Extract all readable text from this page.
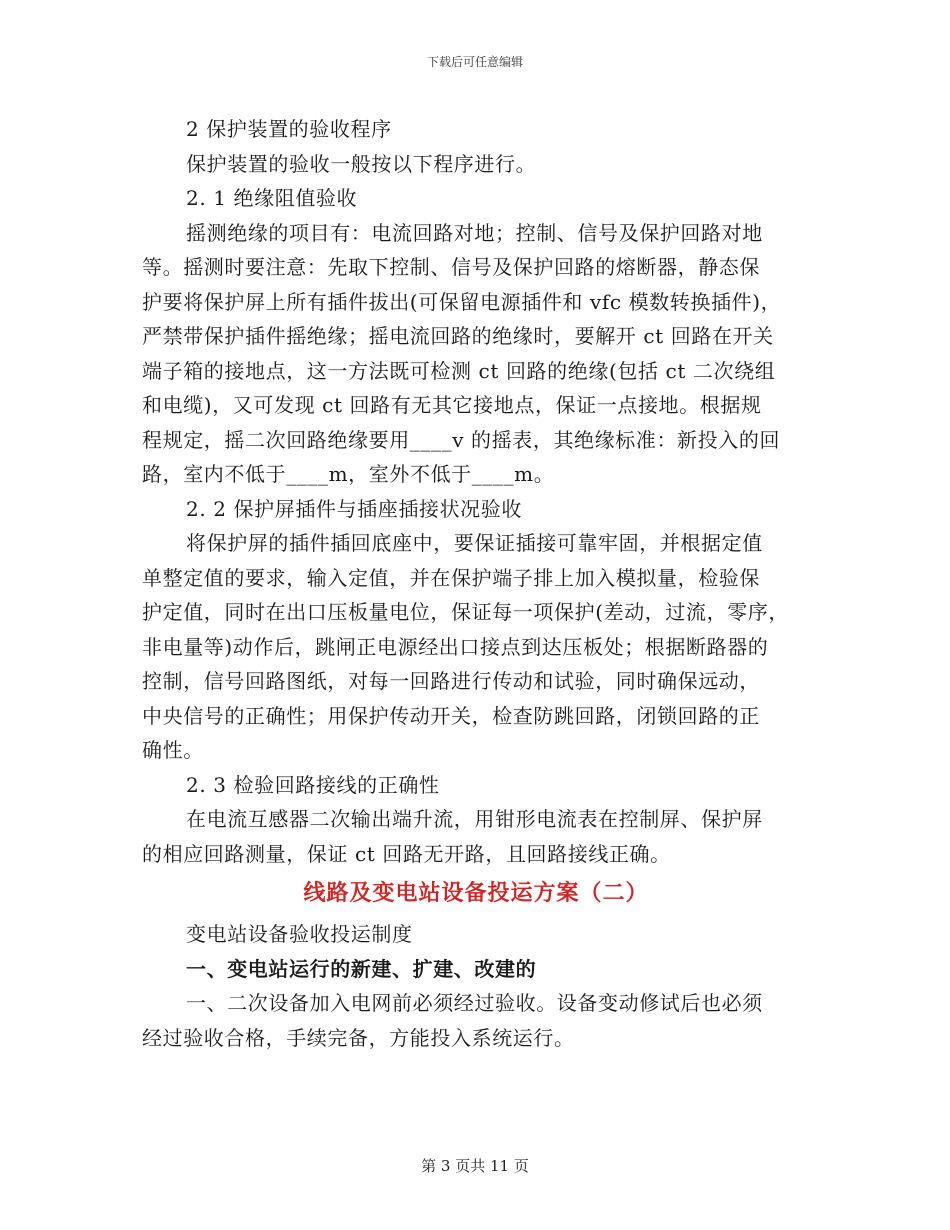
下载后可任意编辑
2 保护装置的验收程序
保护装置的验收一般按以下程序进行。
2. 1 绝缘阻值验收
摇测绝缘的项目有：电流回路对地；控制、信号及保护回路对地
等。摇测时要注意：先取下控制、信号及保护回路的熔断器，静态保
护要将保护屏上所有插件拔出(可保留电源插件和 vfc 模数转换插件)，
严禁带保护插件摇绝缘；摇电流回路的绝缘时，要解开 ct 回路在开关
端子箱的接地点，这一方法既可检测 ct 回路的绝缘(包括 ct 二次绕组
和电缆)，又可发现 ct 回路有无其它接地点，保证一点接地。根据规
程规定，摇二次回路绝缘要用____v 的摇表，其绝缘标准：新投入的回
路，室内不低于____m，室外不低于____m。
2. 2 保护屏插件与插座插接状况验收
将保护屏的插件插回底座中，要保证插接可靠牢固，并根据定值
单整定值的要求，输入定值，并在保护端子排上加入模拟量，检验保
护定值，同时在出口压板量电位，保证每一项保护(差动，过流，零序，
非电量等)动作后，跳闸正电源经出口接点到达压板处；根据断路器的
控制，信号回路图纸，对每一回路进行传动和试验，同时确保远动，
中央信号的正确性；用保护传动开关，检查防跳回路，闭锁回路的正
确性。
2. 3 检验回路接线的正确性
在电流互感器二次输出端升流，用钳形电流表在控制屏、保护屏
的相应回路测量，保证 ct 回路无开路，且回路接线正确。
线路及变电站设备投运方案（二）
变电站设备验收投运制度
一、变电站运行的新建、扩建、改建的
一、二次设备加入电网前必须经过验收。设备变动修试后也必须
经过验收合格，手续完备，方能投入系统运行。
第 3 页共 11 页
